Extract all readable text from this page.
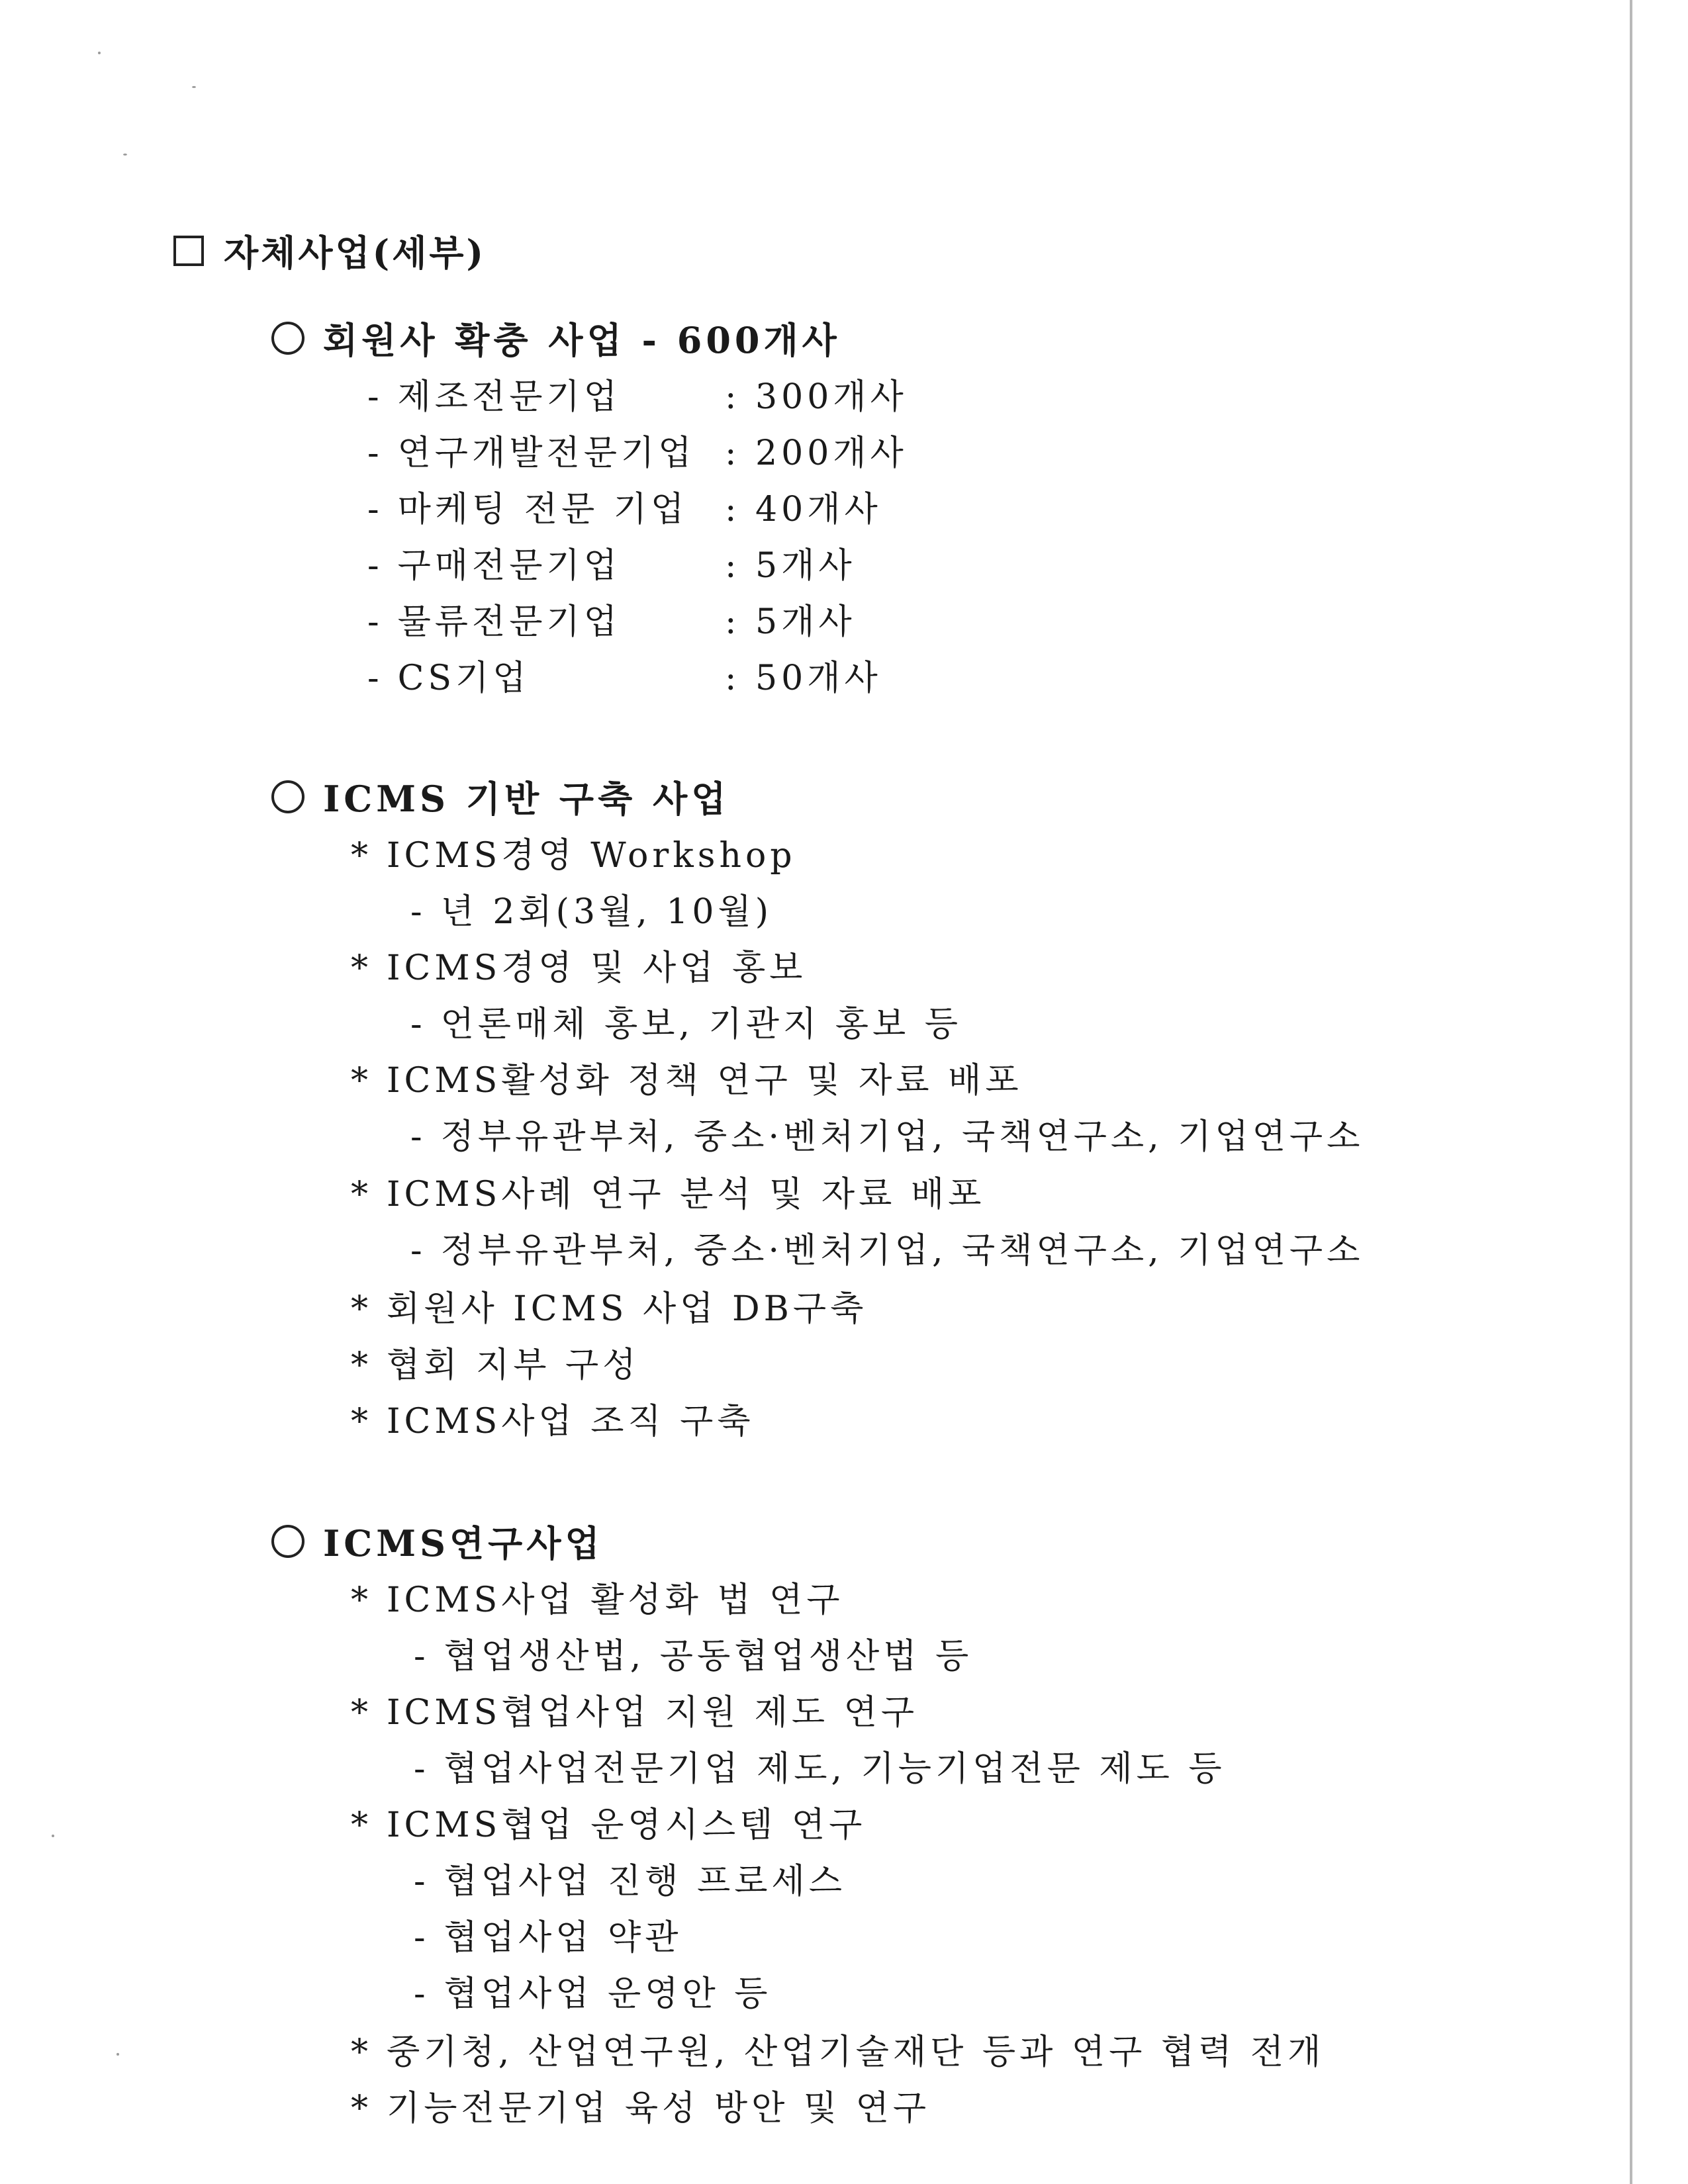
자체사업(세부)
회원사 확충 사업 - 600개사
- 제조전문기업	: 300개사
- 연구개발전문기업 : 200개사
- 마케팅 전문 기업	: 40개사
- 구매전문기업	: 5개사
- 물류전문기업	: 5개사
- CS기업	: 50개사
ICMS 기반 구축 사업
* ICMS경영 Workshop
- 년 2회(3월, 10월)
* ICMS경영 및 사업 홍보
- 언론매체 홍보, 기관지 홍보 등
* ICMS활성화 정책 연구 및 자료 배포
- 정부유관부처, 중소·벤처기업, 국책연구소, 기업연구소
* ICMS사례 연구 분석 및 자료 배포
- 정부유관부처, 중소·벤처기업, 국책연구소, 기업연구소
* 회원사 ICMS 사업 DB구축
* 협회 지부 구성
* ICMS사업 조직 구축
ICMS연구사업
* ICMS사업 활성화 법 연구
- 협업생산법, 공동협업생산법 등
* ICMS협업사업 지원 제도 연구
- 협업사업전문기업 제도, 기능기업전문 제도 등
* ICMS협업 운영시스템 연구
- 협업사업 진행 프로세스
- 협업사업 약관
- 협업사업 운영안 등
* 중기청, 산업연구원, 산업기술재단 등과 연구 협력 전개
* 기능전문기업 육성 방안 및 연구
